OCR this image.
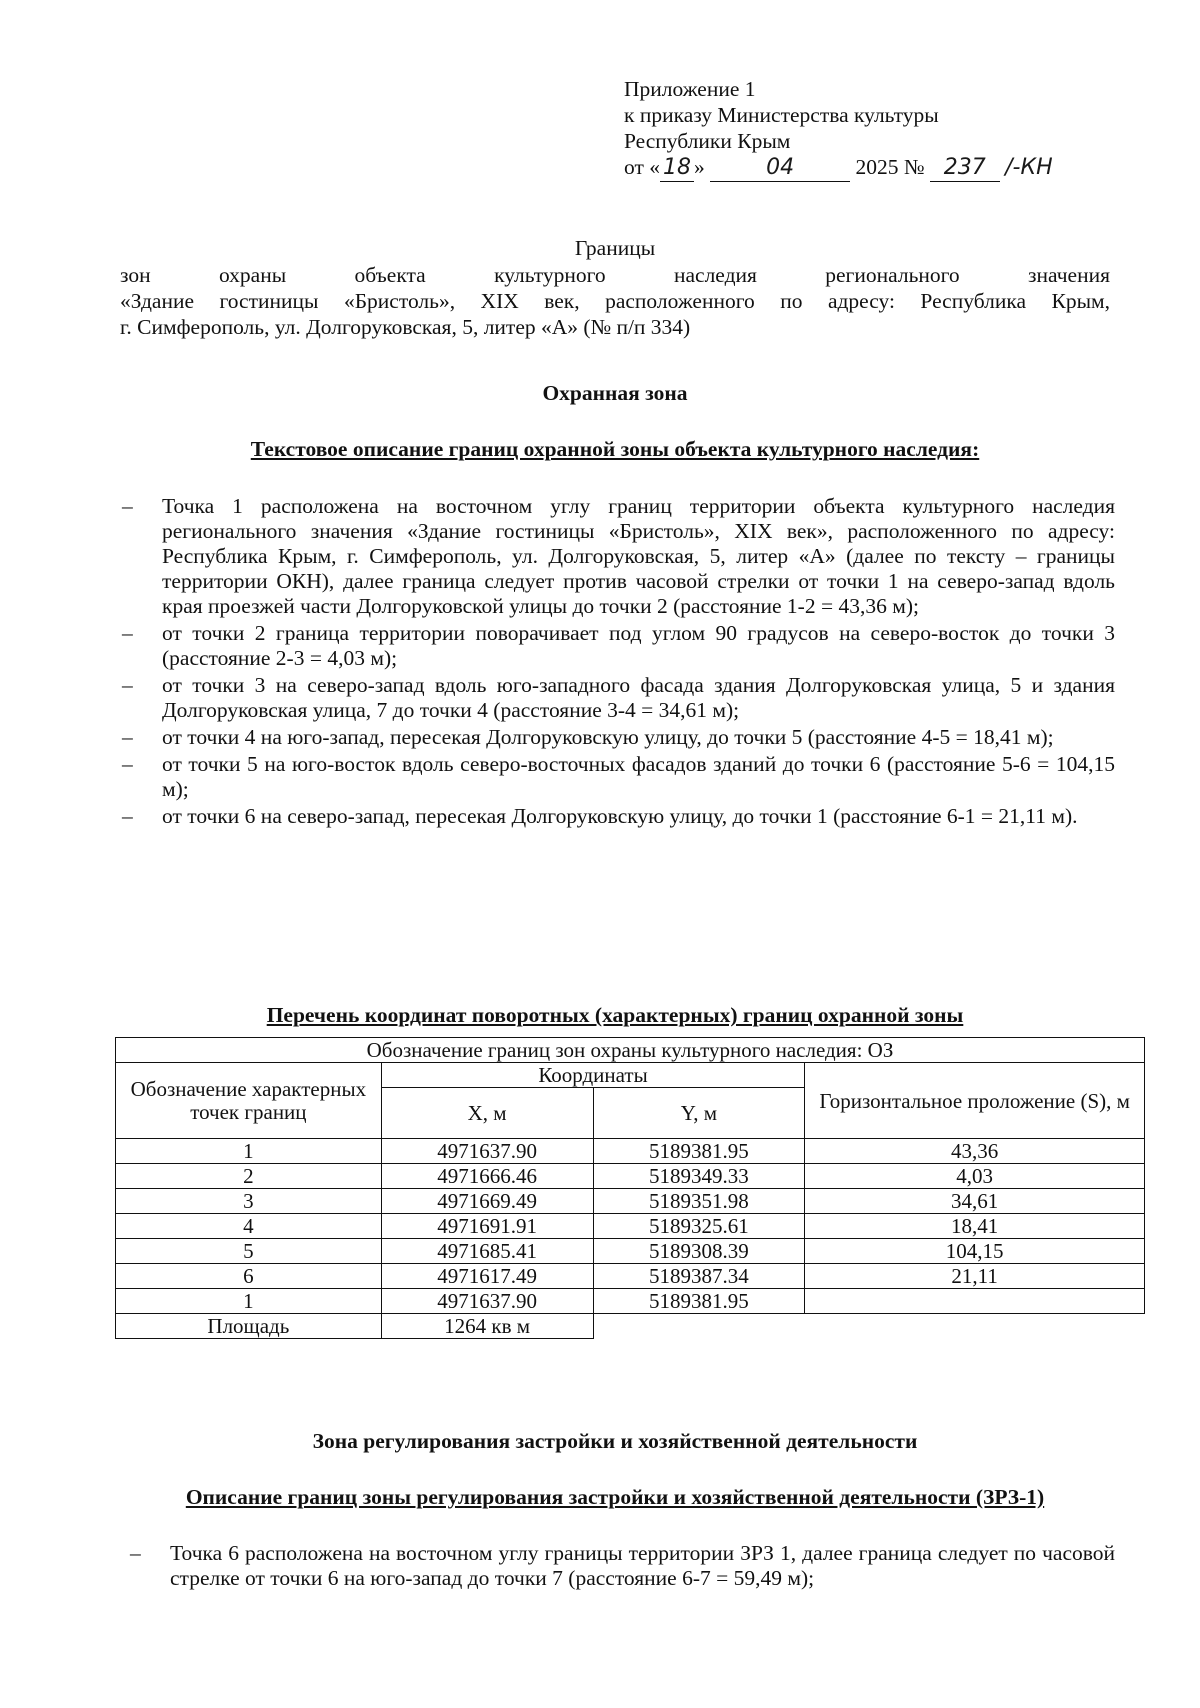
Приложение 1
к приказу Министерства культуры
Республики Крым
от « 18 »	04	2025 № 237 /-КН
Границы
зон	охраны	объекта	культурного	наследия	регионального	значения
«Здание гостиницы «Бристоль», XIX век, расположенного по адресу: Республика Крым,
г. Симферополь, ул. Долгоруковская, 5, литер «А» (№ п/п 334)
Охранная зона
Текстовое описание границ охранной зоны объекта культурного наследия:
– Точка 1 расположена на восточном углу границ территории объекта культурного наследия регионального значения «Здание гостиницы «Бристоль», XIX век», расположенного по адресу: Республика Крым, г. Симферополь, ул. Долгоруковская, 5, литер «А» (далее по тексту – границы территории ОКН), далее граница следует против часовой стрелки от точки 1 на северо-запад вдоль края проезжей части Долгоруковской улицы до точки 2 (расстояние 1-2 = 43,36 м);
– от точки 2 граница территории поворачивает под углом 90 градусов на северо-восток до точки 3 (расстояние 2-3 = 4,03 м);
– от точки 3 на северо-запад вдоль юго-западного фасада здания Долгоруковская улица, 5 и здания Долгоруковская улица, 7 до точки 4 (расстояние 3-4 = 34,61 м);
– от точки 4 на юго-запад, пересекая Долгоруковскую улицу, до точки 5 (расстояние 4-5 = 18,41 м);
– от точки 5 на юго-восток вдоль северо-восточных фасадов зданий до точки 6 (расстояние 5-6 = 104,15 м);
– от точки 6 на северо-запад, пересекая Долгоруковскую улицу, до точки 1 (расстояние 6-1 = 21,11 м).
Перечень координат поворотных (характерных) границ охранной зоны
Обозначение границ зон охраны культурного наследия: ОЗ			
Обозначение характерных точек границ	Координаты		Горизонтальное проложение (S), м
	X, м	Y, м	
1	4971637.90	5189381.95	43,36
2	4971666.46	5189349.33	4,03
3	4971669.49	5189351.98	34,61
4	4971691.91	5189325.61	18,41
5	4971685.41	5189308.39	104,15
6	4971617.49	5189387.34	21,11
1	4971637.90	5189381.95	
Площадь	1264 кв м		
Зона регулирования застройки и хозяйственной деятельности
Описание границ зоны регулирования застройки и хозяйственной деятельности (ЗРЗ-1)
– Точка 6 расположена на восточном углу границы территории ЗРЗ 1, далее граница следует по часовой стрелке от точки 6 на юго-запад до точки 7 (расстояние 6-7 = 59,49 м);
